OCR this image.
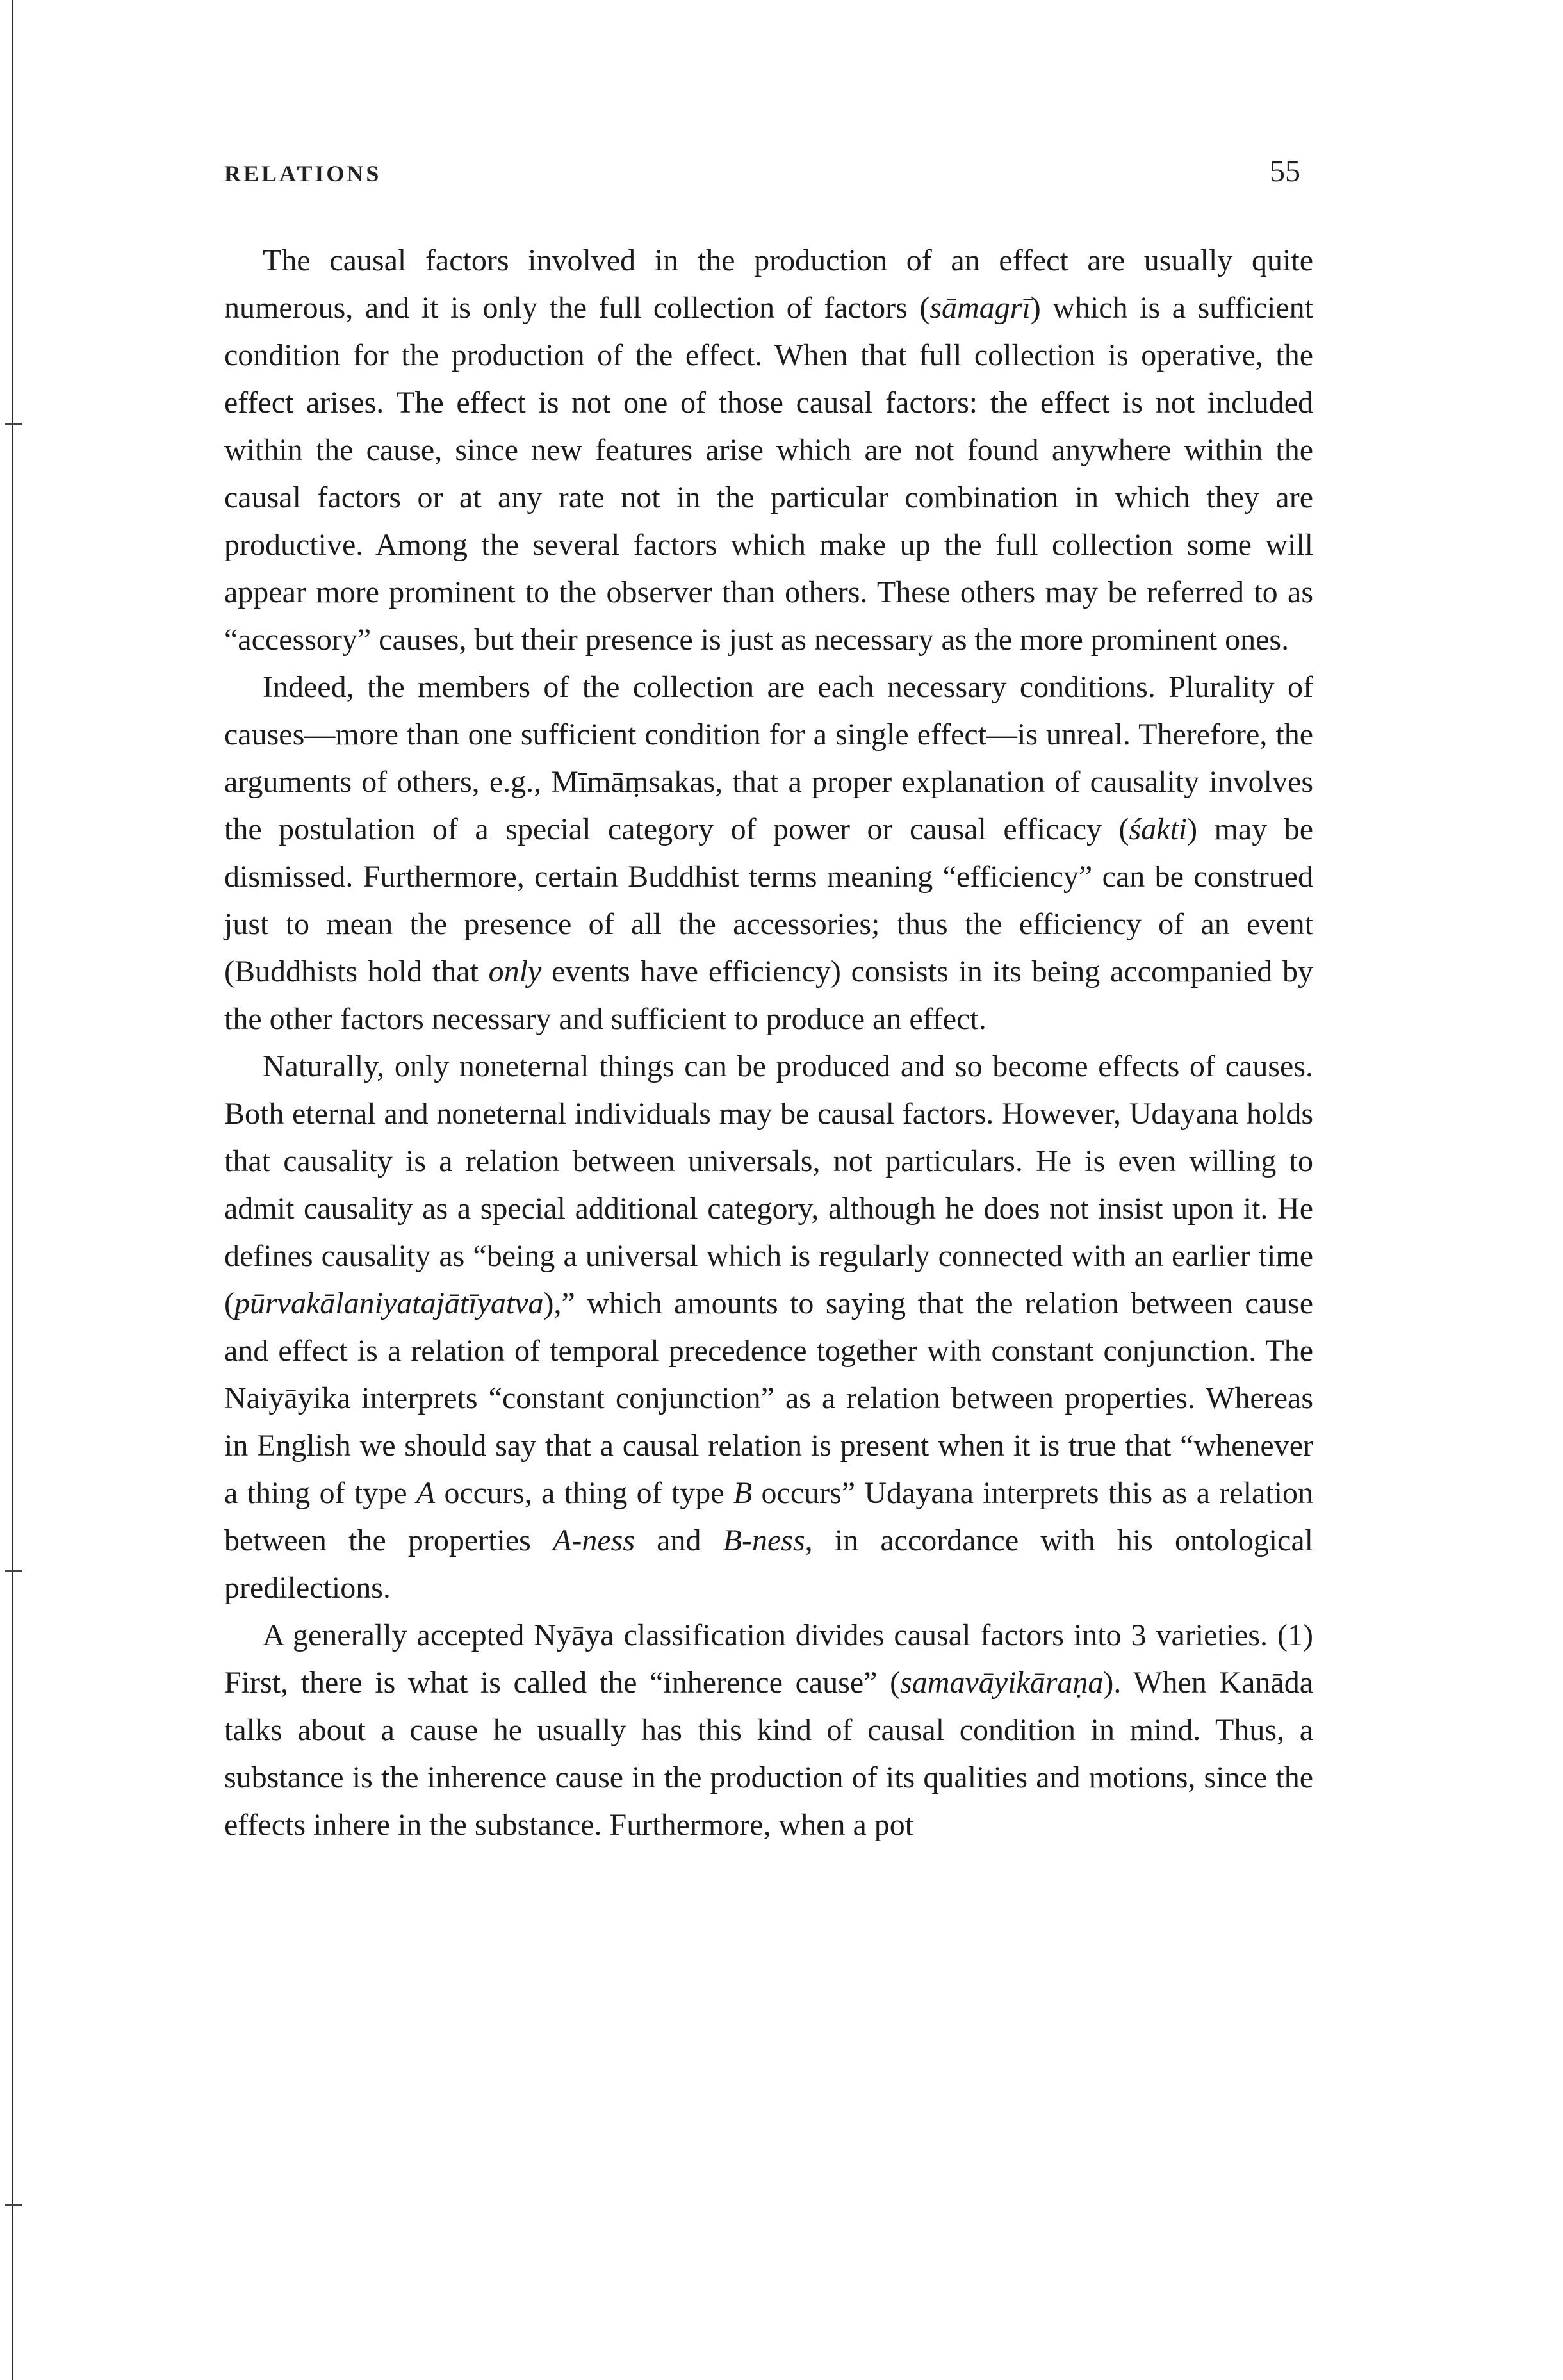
RELATIONS	55

The causal factors involved in the production of an effect are usually quite numerous, and it is only the full collection of factors (sāmagrī) which is a sufficient condition for the production of the effect. When that full collection is operative, the effect arises. The effect is not one of those causal factors: the effect is not included within the cause, since new features arise which are not found anywhere within the causal factors or at any rate not in the particular combination in which they are productive. Among the several factors which make up the full collection some will appear more prominent to the observer than others. These others may be referred to as “accessory” causes, but their presence is just as necessary as the more prominent ones.

Indeed, the members of the collection are each necessary conditions. Plurality of causes—more than one sufficient condition for a single effect—is unreal. Therefore, the arguments of others, e.g., Mīmāṃsakas, that a proper explanation of causality involves the postulation of a special category of power or causal efficacy (śakti) may be dismissed. Furthermore, certain Buddhist terms meaning “efficiency” can be construed just to mean the presence of all the accessories; thus the efficiency of an event (Buddhists hold that only events have efficiency) consists in its being accompanied by the other factors necessary and sufficient to produce an effect.

Naturally, only noneternal things can be produced and so become effects of causes. Both eternal and noneternal individuals may be causal factors. However, Udayana holds that causality is a relation between universals, not particulars. He is even willing to admit causality as a special additional category, although he does not insist upon it. He defines causality as “being a universal which is regularly connected with an earlier time (pūrvakālaniyatajātīyatva),” which amounts to saying that the relation between cause and effect is a relation of temporal precedence together with constant conjunction. The Naiyāyika interprets “constant conjunction” as a relation between properties. Whereas in English we should say that a causal relation is present when it is true that “whenever a thing of type A occurs, a thing of type B occurs” Udayana interprets this as a relation between the properties A-ness and B-ness, in accordance with his ontological predilections.

A generally accepted Nyāya classification divides causal factors into 3 varieties. (1) First, there is what is called the “inherence cause” (samavāyikāraṇa). When Kanāda talks about a cause he usually has this kind of causal condition in mind. Thus, a substance is the inherence cause in the production of its qualities and motions, since the effects inhere in the substance. Furthermore, when a pot
